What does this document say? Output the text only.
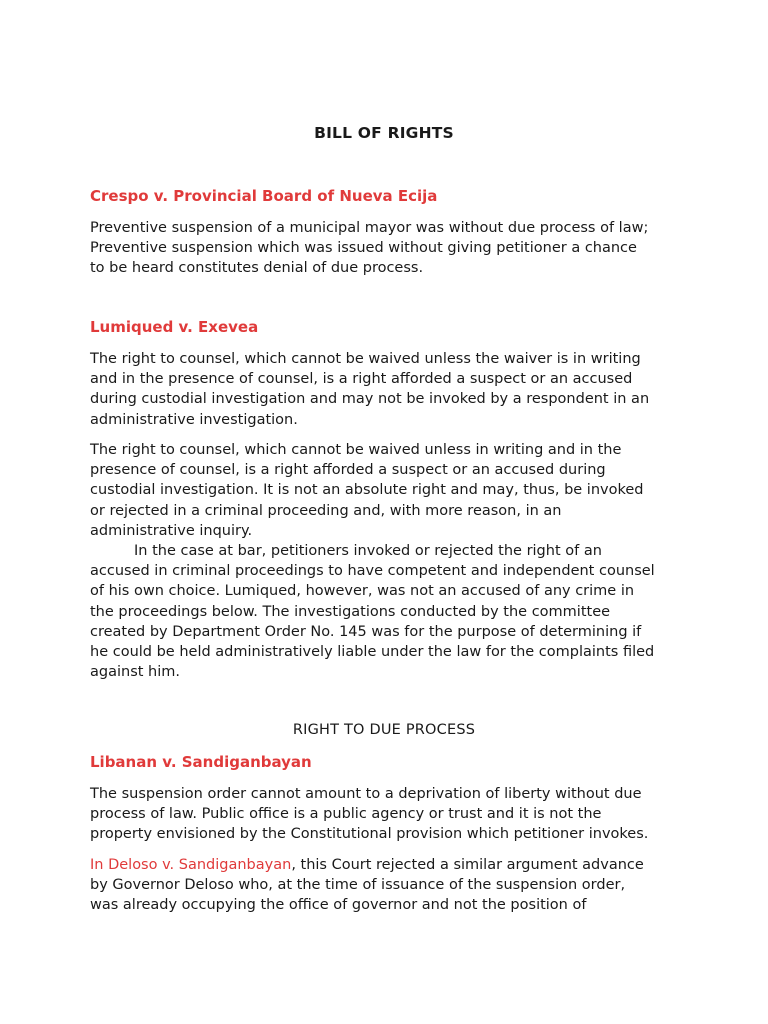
BILL OF RIGHTS
Crespo v. Provincial Board of Nueva Ecija
Preventive suspension of a municipal mayor was without due process of law;
Preventive suspension which was issued without giving petitioner a chance
to be heard constitutes denial of due process.
Lumiqued v. Exevea
The right to counsel, which cannot be waived unless the waiver is in writing
and in the presence of counsel, is a right afforded a suspect or an accused
during custodial investigation and may not be invoked by a respondent in an
administrative investigation.
The right to counsel, which cannot be waived unless in writing and in the
presence of counsel, is a right afforded a suspect or an accused during
custodial investigation. It is not an absolute right and may, thus, be invoked
or rejected in a criminal proceeding and, with more reason, in an
administrative inquiry.
In the case at bar, petitioners invoked or rejected the right of an
accused in criminal proceedings to have competent and independent counsel
of his own choice. Lumiqued, however, was not an accused of any crime in
the proceedings below. The investigations conducted by the committee
created by Department Order No. 145 was for the purpose of determining if
he could be held administratively liable under the law for the complaints filed
against him.
RIGHT TO DUE PROCESS
Libanan v. Sandiganbayan
The suspension order cannot amount to a deprivation of liberty without due
process of law. Public office is a public agency or trust and it is not the
property envisioned by the Constitutional provision which petitioner invokes.
In Deloso v. Sandiganbayan, this Court rejected a similar argument advance
by Governor Deloso who, at the time of issuance of the suspension order,
was already occupying the office of governor and not the position of
